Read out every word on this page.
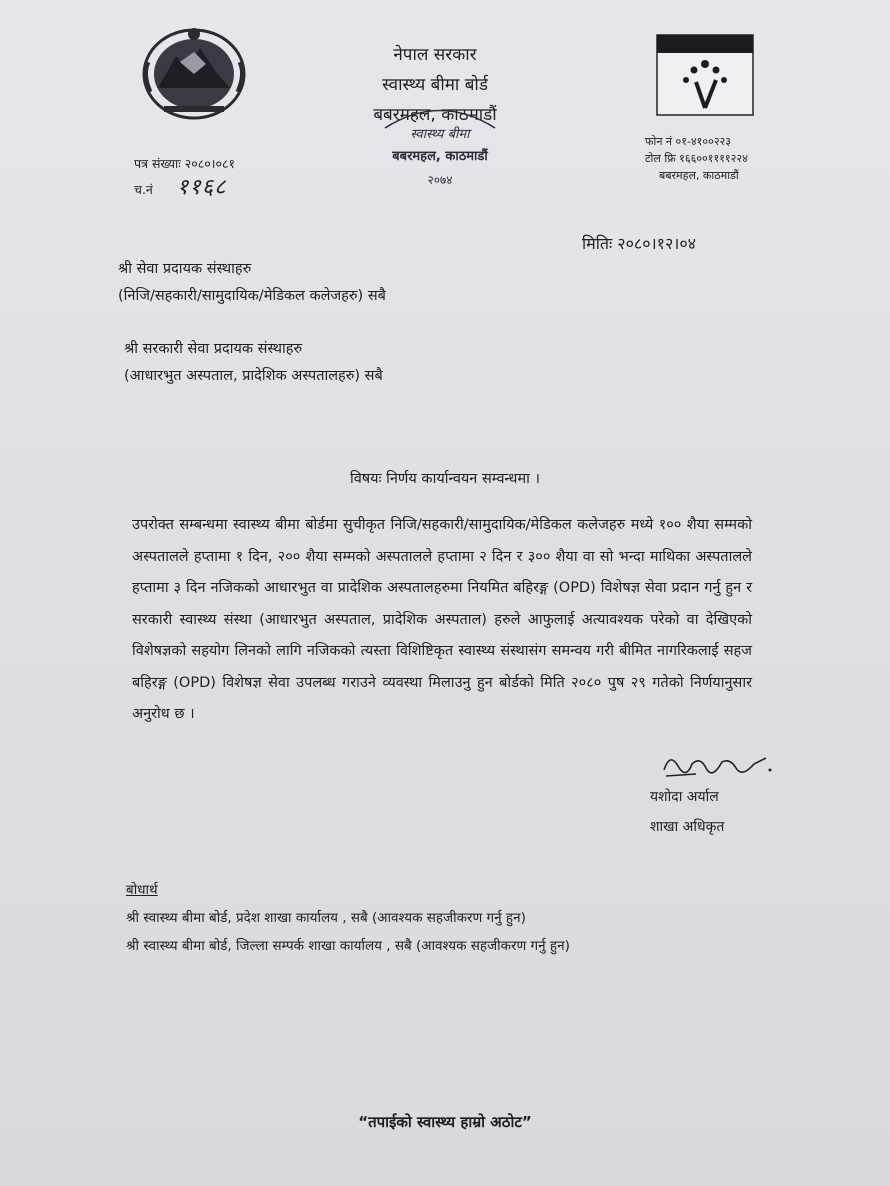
नेपाल सरकार
स्वास्थ्य बीमा बोर्ड
बबरमहल, काठमाडौं
स्वास्थ्य बीमा
बबरमहल, काठमाडौं
२०७४
फोन नं ०१-४१००२२३
टोल फ्रि १६६००११११२२४
बबरमहल, काठमाडौं
पत्र संख्याः २०८०।०८१
च.नं ११६८
मितिः २०८०।१२।०४
श्री सेवा प्रदायक संस्थाहरु
(निजि/सहकारी/सामुदायिक/मेडिकल कलेजहरु) सबै
श्री सरकारी सेवा प्रदायक संस्थाहरु
(आधारभुत अस्पताल, प्रादेशिक अस्पतालहरु) सबै
विषयः निर्णय कार्यान्वयन सम्वन्धमा ।
उपरोक्त सम्बन्धमा स्वास्थ्य बीमा बोर्डमा सुचीकृत निजि/सहकारी/सामुदायिक/मेडिकल कलेजहरु मध्ये १०० शैया सम्मको अस्पतालले हप्तामा १ दिन, २०० शैया सम्मको अस्पतालले हप्तामा २ दिन र ३०० शैया वा सो भन्दा माथिका अस्पतालले हप्तामा ३ दिन नजिकको आधारभुत वा प्रादेशिक अस्पतालहरुमा नियमित बहिरङ्ग (OPD) विशेषज्ञ सेवा प्रदान गर्नु हुन र सरकारी स्वास्थ्य संस्था (आधारभुत अस्पताल, प्रादेशिक अस्पताल) हरुले आफुलाई अत्यावश्यक परेको वा देखिएको विशेषज्ञको सहयोग लिनको लागि नजिकको त्यस्ता विशिष्टिकृत स्वास्थ्य संस्थासंग समन्वय गरी बीमित नागरिकलाई सहज बहिरङ्ग (OPD) विशेषज्ञ सेवा उपलब्ध गराउने व्यवस्था मिलाउनु हुन बोर्डको मिति २०८० पुष २९ गतेको निर्णयानुसार अनुरोध छ ।
यशोदा अर्याल
शाखा अधिकृत
बोधार्थ
श्री स्वास्थ्य बीमा बोर्ड, प्रदेश शाखा कार्यालय , सबै (आवश्यक सहजीकरण गर्नु हुन)
श्री स्वास्थ्य बीमा बोर्ड, जिल्ला सम्पर्क शाखा कार्यालय , सबै (आवश्यक सहजीकरण गर्नु हुन)
“तपाईको स्वास्थ्य हाम्रो अठोट”
